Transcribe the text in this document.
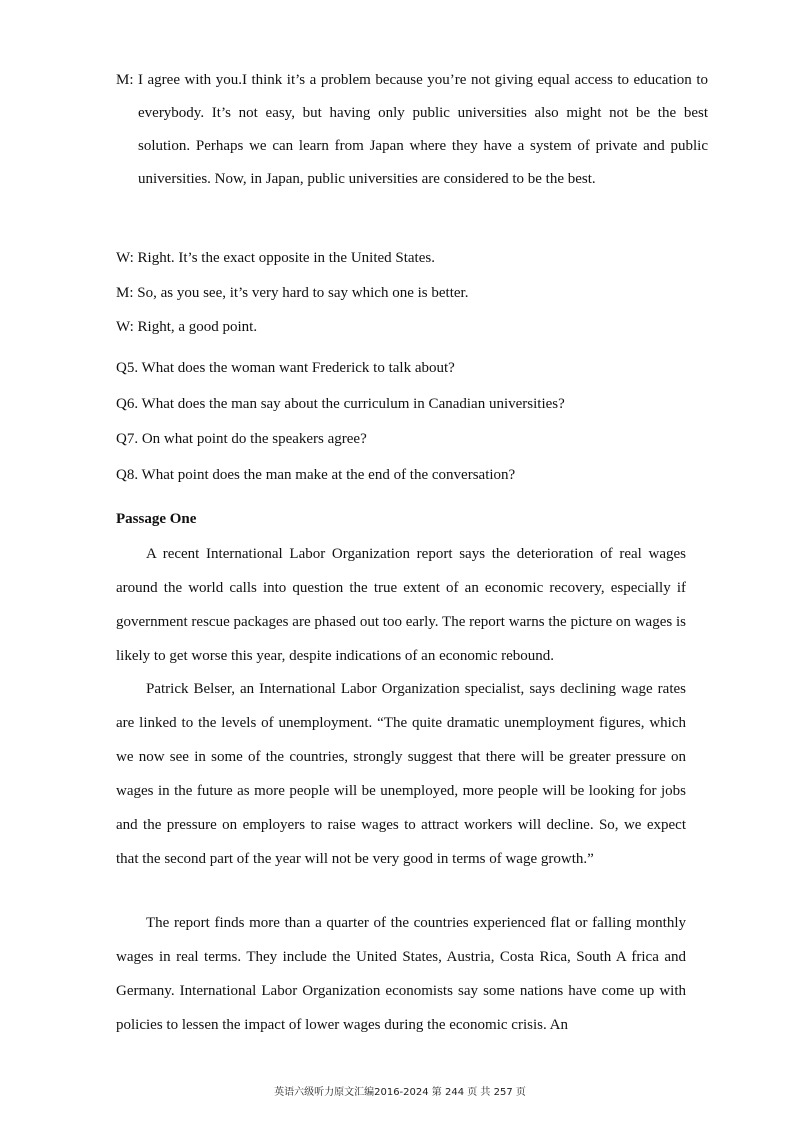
M: I agree with you.I think it’s a problem because you’re not giving equal access to education to everybody. It’s not easy, but having only public universities also might not be the best solution. Perhaps we can learn from Japan where they have a system of private and public universities. Now, in Japan, public universities are considered to be the best.
W: Right. It’s the exact opposite in the United States.
M: So, as you see, it’s very hard to say which one is better.
W: Right, a good point.
Q5. What does the woman want Frederick to talk about?
Q6. What does the man say about the curriculum in Canadian universities?
Q7. On what point do the speakers agree?
Q8. What point does the man make at the end of the conversation?
Passage One
A recent International Labor Organization report says the deterioration of real wages around the world calls into question the true extent of an economic recovery, especially if government rescue packages are phased out too early. The report warns the picture on wages is likely to get worse this year, despite indications of an economic rebound.
Patrick Belser, an International Labor Organization specialist, says declining wage rates are linked to the levels of unemployment. “The quite dramatic unemployment figures, which we now see in some of the countries, strongly suggest that there will be greater pressure on wages in the future as more people will be unemployed, more people will be looking for jobs and the pressure on employers to raise wages to attract workers will decline. So, we expect that the second part of the year will not be very good in terms of wage growth.”
The report finds more than a quarter of the countries experienced flat or falling monthly wages in real terms. They include the United States, Austria, Costa Rica, South A frica and Germany. International Labor Organization economists say some nations have come up with policies to lessen the impact of lower wages during the economic crisis. An
英语六级听力原文汇编2016-2024 第 244 页 共 257 页
